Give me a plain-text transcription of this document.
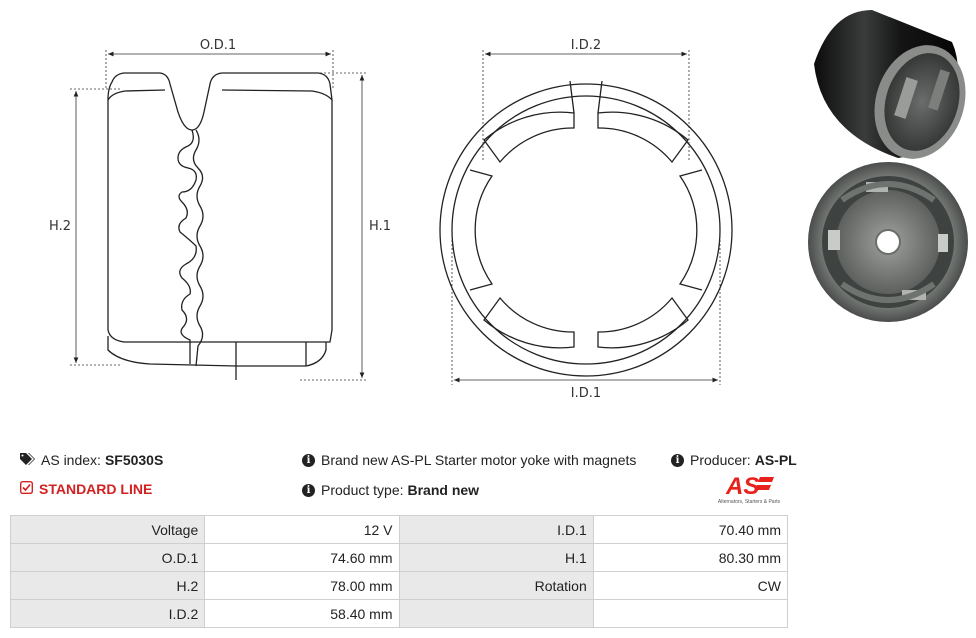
O.D.1
H.2	H.1
I.D.2
I.D.1
AS index: SF5030S
STANDARD LINE
i Brand new AS-PL Starter motor yoke with magnets
i Product type: Brand new
i Producer: AS-PL
AS
Alternators, Starters & Parts
Voltage	12 V	I.D.1	70.40 mm
O.D.1	74.60 mm	H.1	80.30 mm
H.2	78.00 mm	Rotation	CW
I.D.2	58.40 mm		
